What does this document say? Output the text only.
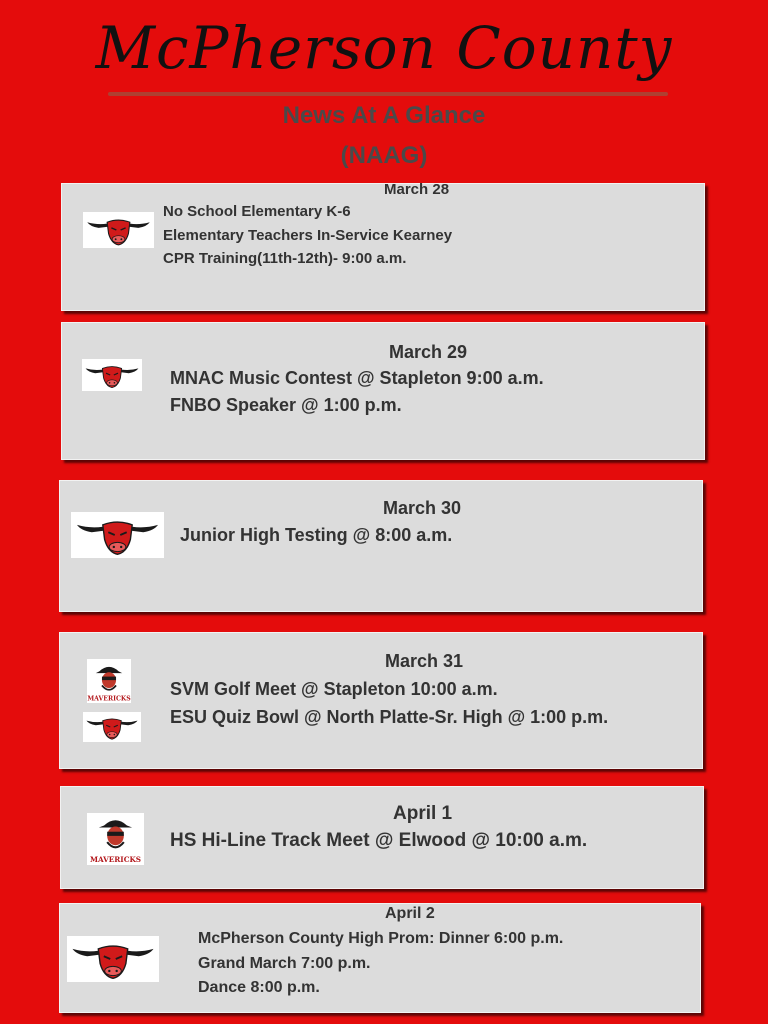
McPherson County
News At A Glance
(NAAG)
March 28
No School Elementary K-6
Elementary Teachers In-Service Kearney
CPR Training(11th-12th)- 9:00 a.m.
March 29
MNAC Music Contest @ Stapleton 9:00 a.m.
FNBO Speaker @ 1:00 p.m.
March 30
Junior High Testing @ 8:00 a.m.
March 31
MAVERICKS SVM Golf Meet @ Stapleton 10:00 a.m.
ESU Quiz Bowl @ North Platte-Sr. High @ 1:00 p.m.
April 1
MAVERICKS
HS Hi-Line Track Meet @ Elwood @ 10:00 a.m.
April 2
McPherson County High Prom: Dinner 6:00 p.m.
Grand March 7:00 p.m.
Dance 8:00 p.m.
